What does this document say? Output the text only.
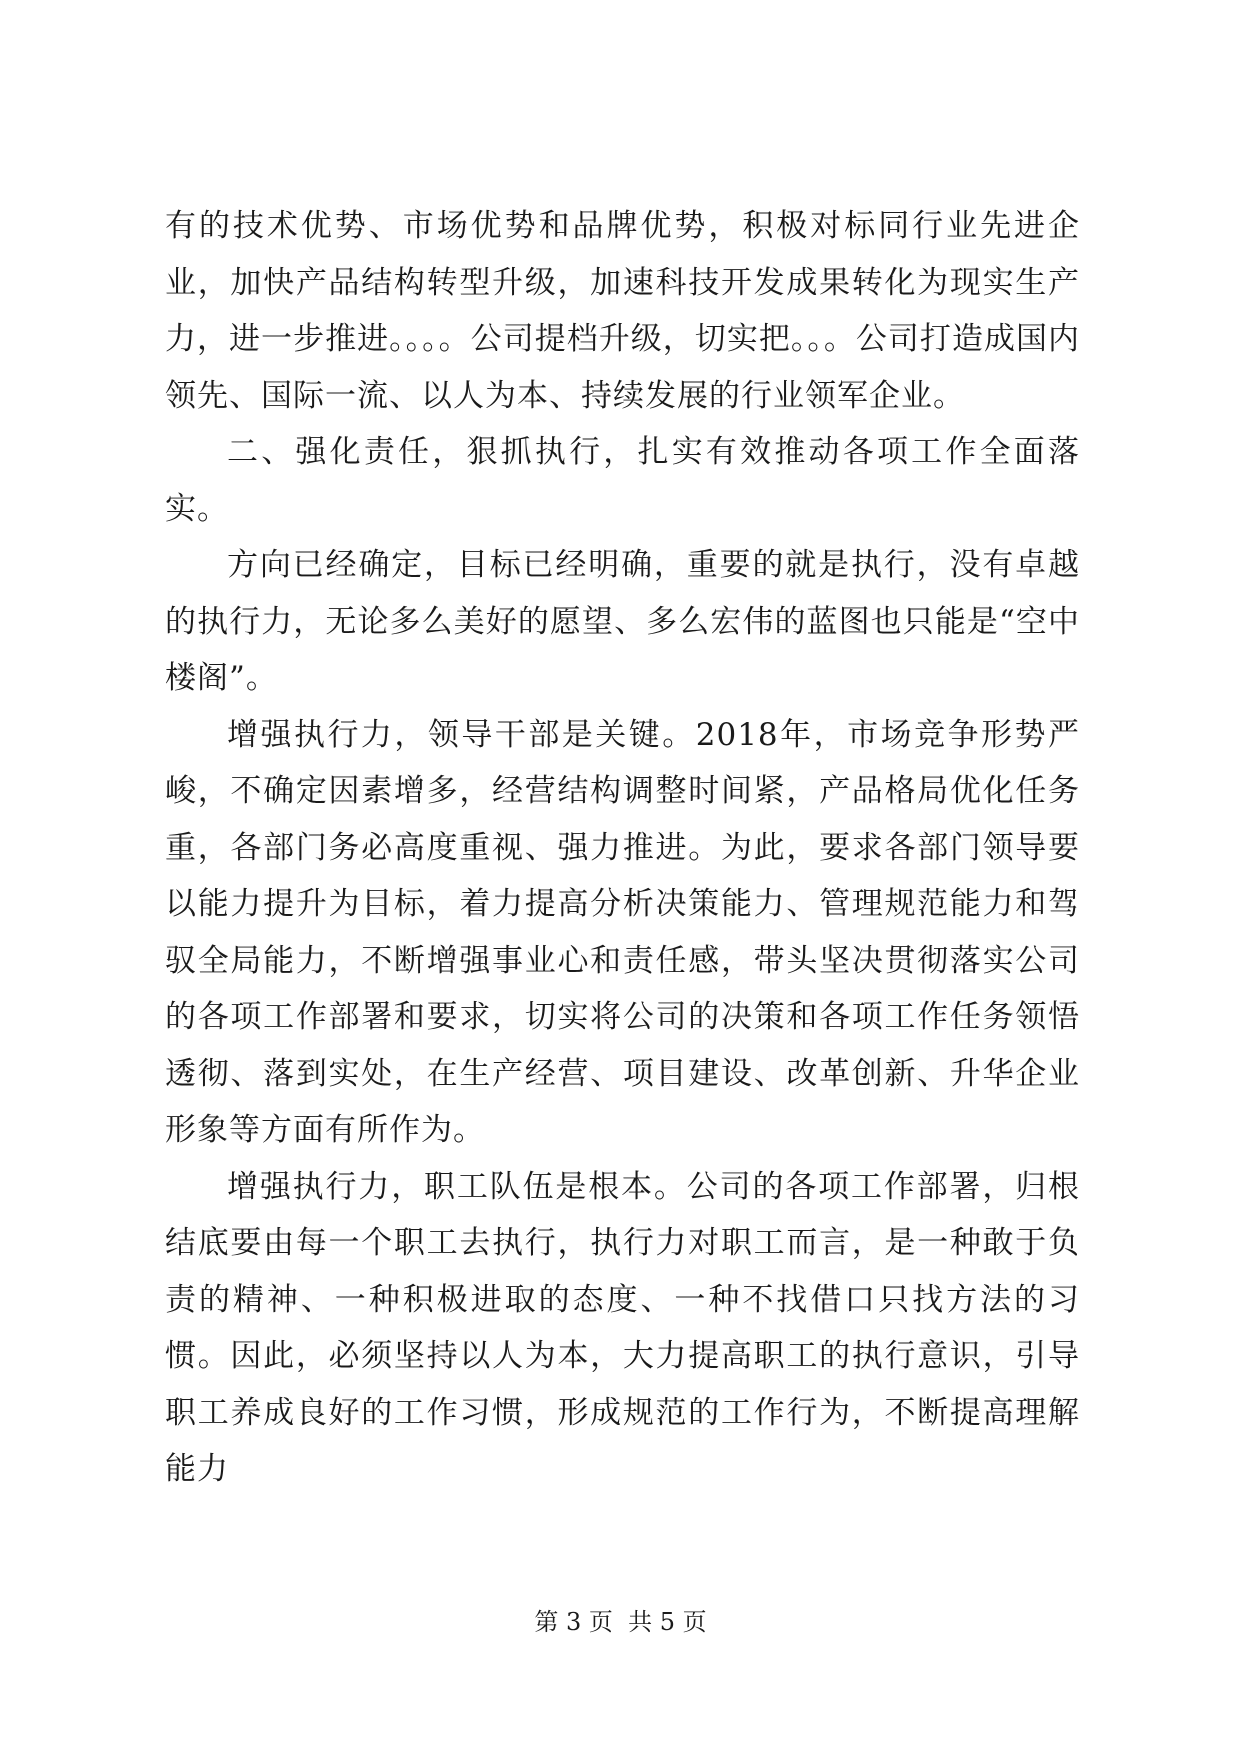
有的技术优势、市场优势和品牌优势，积极对标同行业先进企业，加快产品结构转型升级，加速科技开发成果转化为现实生产力，进一步推进。。。。公司提档升级，切实把。。。公司打造成国内领先、国际一流、以人为本、持续发展的行业领军企业。

二、强化责任，狠抓执行，扎实有效推动各项工作全面落实。

方向已经确定，目标已经明确，重要的就是执行，没有卓越的执行力，无论多么美好的愿望、多么宏伟的蓝图也只能是“空中楼阁”。

增强执行力，领导干部是关键。2018年，市场竞争形势严峻，不确定因素增多，经营结构调整时间紧，产品格局优化任务重，各部门务必高度重视、强力推进。为此，要求各部门领导要以能力提升为目标，着力提高分析决策能力、管理规范能力和驾驭全局能力，不断增强事业心和责任感，带头坚决贯彻落实公司的各项工作部署和要求，切实将公司的决策和各项工作任务领悟透彻、落到实处，在生产经营、项目建设、改革创新、升华企业形象等方面有所作为。

增强执行力，职工队伍是根本。公司的各项工作部署，归根结底要由每一个职工去执行，执行力对职工而言，是一种敢于负责的精神、一种积极进取的态度、一种不找借口只找方法的习惯。因此，必须坚持以人为本，大力提高职工的执行意识，引导职工养成良好的工作习惯，形成规范的工作行为，不断提高理解能力

第 3 页  共 5 页
